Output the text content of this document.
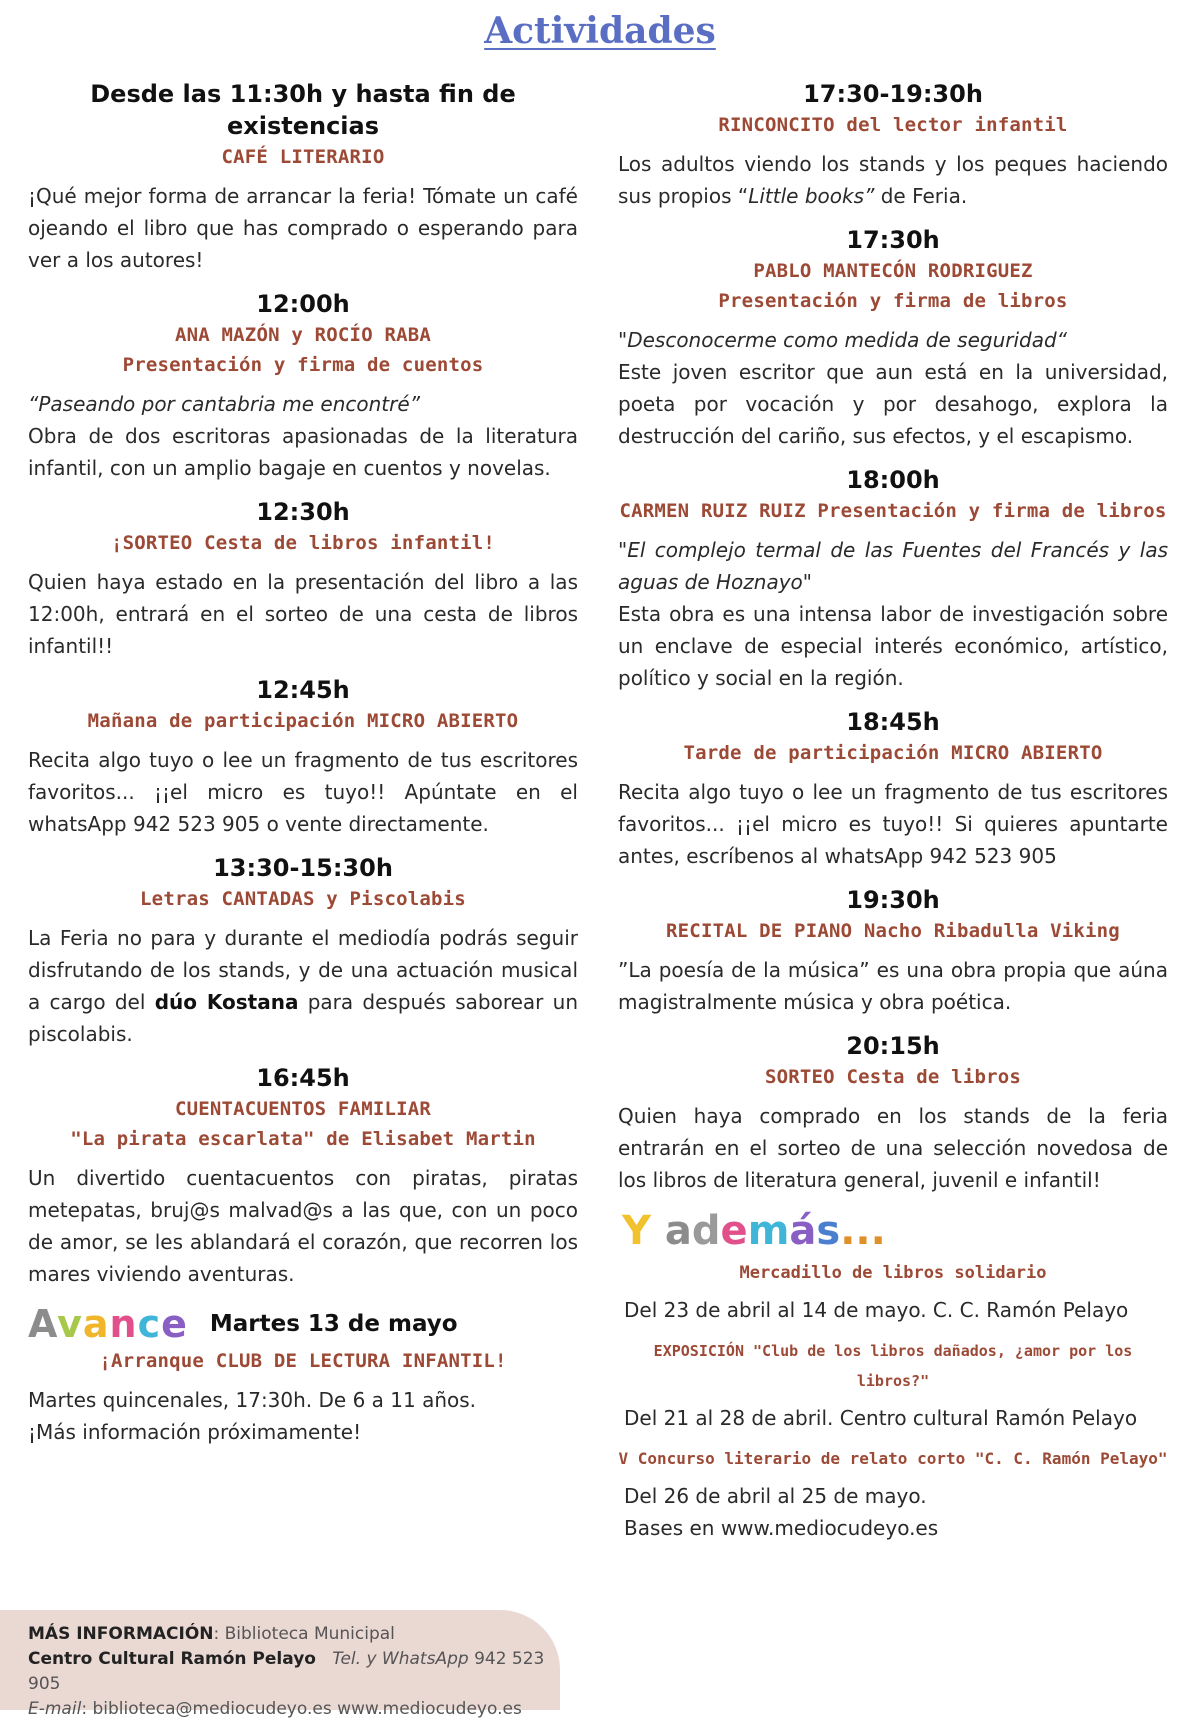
Actividades
Desde las 11:30h y hasta fin de existencias
CAFÉ LITERARIO
¡Qué mejor forma de arrancar la feria! Tómate un café ojeando el libro que has comprado o esperando para ver a los autores!
12:00h
ANA MAZÓN y ROCÍO RABA
Presentación y firma de cuentos
“Paseando por cantabria me encontré”
Obra de dos escritoras apasionadas de la literatura infantil, con un amplio bagaje en cuentos y novelas.
12:30h
¡SORTEO Cesta de libros infantil!
Quien haya estado en la presentación del libro a las 12:00h, entrará en el sorteo de una cesta de libros infantil!!
12:45h
Mañana de participación MICRO ABIERTO
Recita algo tuyo o lee un fragmento de tus escritores favoritos... ¡¡el micro es tuyo!! Apúntate en el whatsApp 942 523 905 o vente directamente.
13:30-15:30h
Letras CANTADAS y Piscolabis
La Feria no para y durante el mediodía podrás seguir disfrutando de los stands, y de una actuación musical a cargo del dúo Kostana para después saborear un piscolabis.
16:45h
CUENTACUENTOS FAMILIAR
"La pirata escarlata" de Elisabet Martin
Un divertido cuentacuentos con piratas, piratas metepatas, bruj@s malvad@s a las que, con un poco de amor, se les ablandará el corazón, que recorren los mares viviendo aventuras.
Avance Martes 13 de mayo
¡Arranque CLUB DE LECTURA INFANTIL!
Martes quincenales, 17:30h. De 6 a 11 años.
¡Más información próximamente!
17:30-19:30h
RINCONCITO del lector infantil
Los adultos viendo los stands y los peques haciendo sus propios “Little books” de Feria.
17:30h
PABLO MANTECÓN RODRIGUEZ
Presentación y firma de libros
"Desconocerme como medida de seguridad“
Este joven escritor que aun está en la universidad, poeta por vocación y por desahogo, explora la destrucción del cariño, sus efectos, y el escapismo.
18:00h
CARMEN RUIZ RUIZ Presentación y firma de libros
"El complejo termal de las Fuentes del Francés y las aguas de Hoznayo"
Esta obra es una intensa labor de investigación sobre un enclave de especial interés económico, artístico, político y social en la región.
18:45h
Tarde de participación MICRO ABIERTO
Recita algo tuyo o lee un fragmento de tus escritores favoritos... ¡¡el micro es tuyo!! Si quieres apuntarte antes, escríbenos al whatsApp 942 523 905
19:30h
RECITAL DE PIANO Nacho Ribadulla Viking
”La poesía de la música” es una obra propia que aúna magistralmente música y obra poética.
20:15h
SORTEO Cesta de libros
Quien haya comprado en los stands de la feria entrarán en el sorteo de una selección novedosa de los libros de literatura general, juvenil e infantil!
Y además...
Mercadillo de libros solidario
Del 23 de abril al 14 de mayo. C. C. Ramón Pelayo
EXPOSICIÓN "Club de los libros dañados, ¿amor por los libros?"
Del 21 al 28 de abril. Centro cultural Ramón Pelayo
V Concurso literario de relato corto "C. C. Ramón Pelayo"
Del 26 de abril al 25 de mayo.
Bases en www.mediocudeyo.es
MÁS INFORMACIÓN: Biblioteca Municipal
Centro Cultural Ramón Pelayo Tel. y WhatsApp 942 523 905
E-mail: biblioteca@mediocudeyo.es www.mediocudeyo.es
